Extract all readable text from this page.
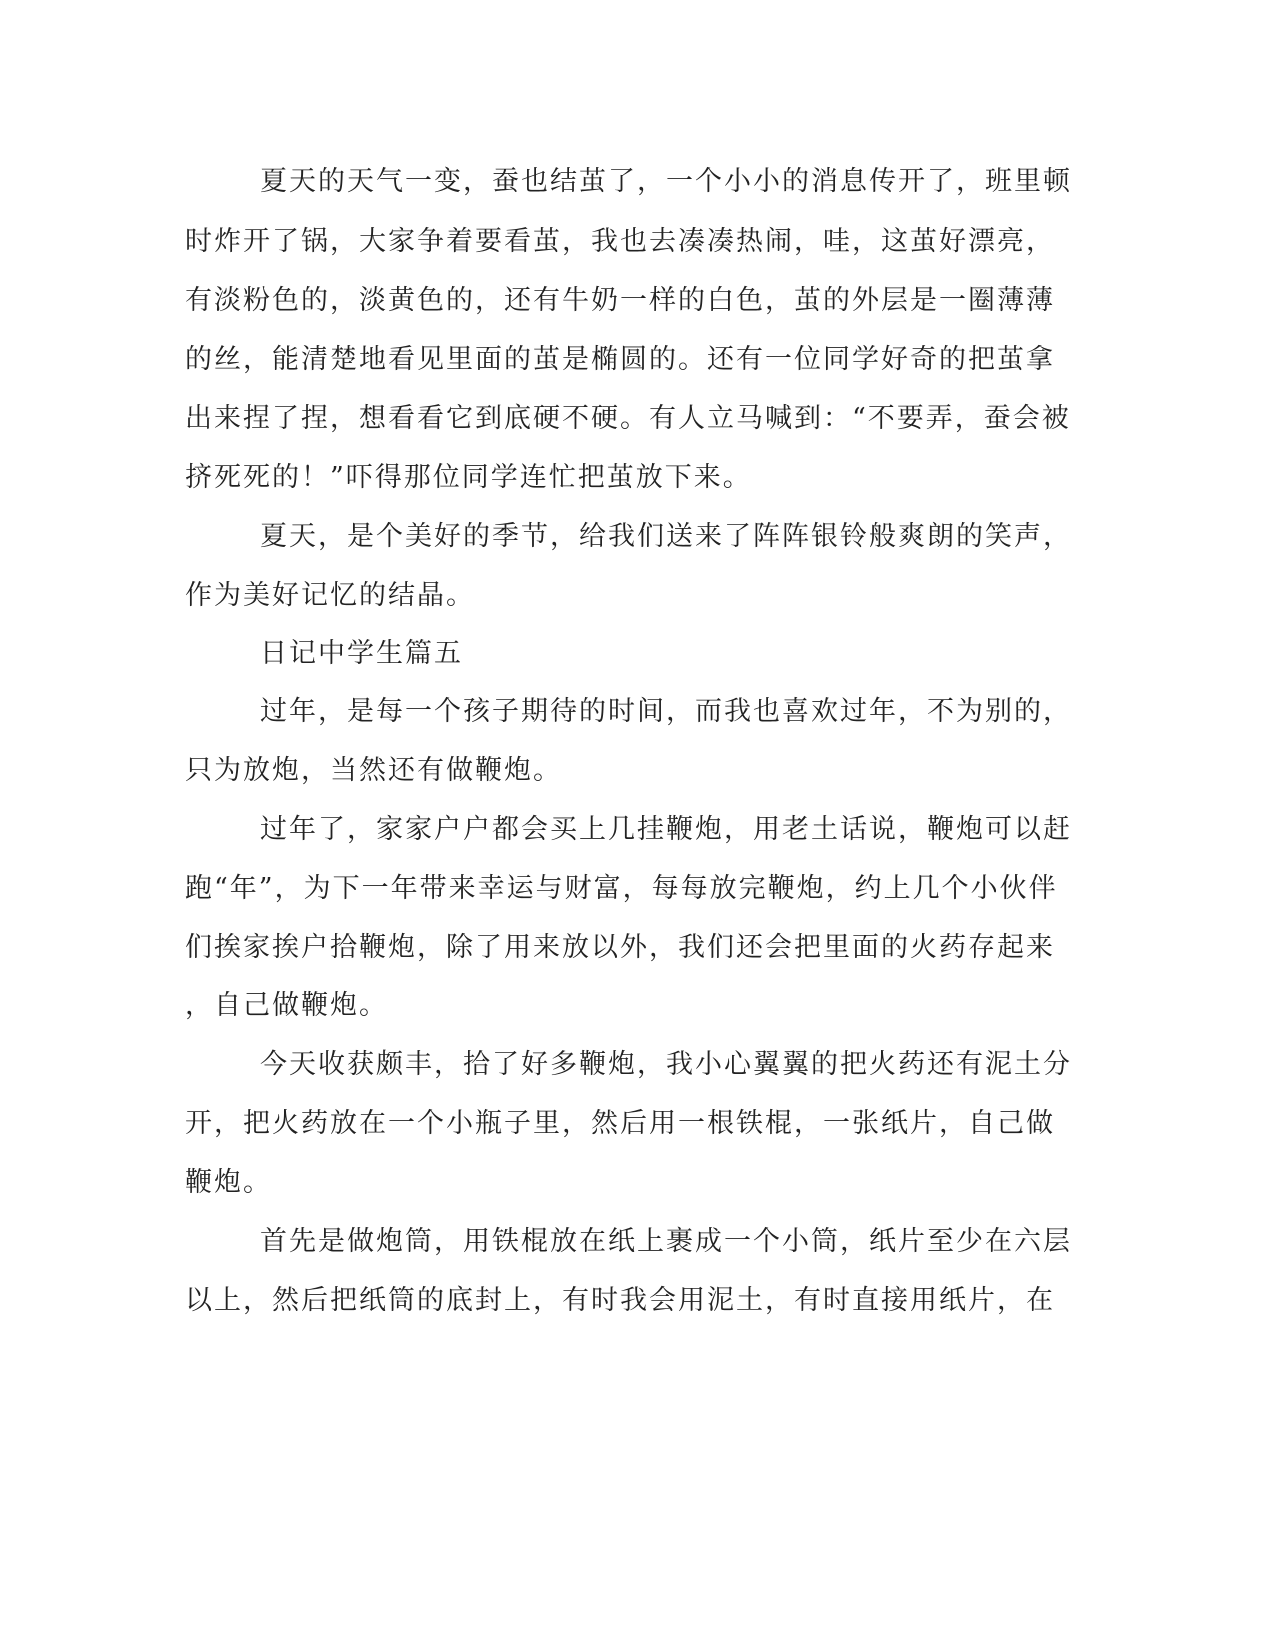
夏天的天气一变，蚕也结茧了，一个小小的消息传开了，班里顿
时炸开了锅，大家争着要看茧，我也去凑凑热闹，哇，这茧好漂亮，
有淡粉色的，淡黄色的，还有牛奶一样的白色，茧的外层是一圈薄薄
的丝，能清楚地看见里面的茧是椭圆的。还有一位同学好奇的把茧拿
出来捏了捏，想看看它到底硬不硬。有人立马喊到：“不要弄，蚕会被
挤死死的！”吓得那位同学连忙把茧放下来。
夏天，是个美好的季节，给我们送来了阵阵银铃般爽朗的笑声，
作为美好记忆的结晶。
日记中学生篇五
过年，是每一个孩子期待的时间，而我也喜欢过年，不为别的，
只为放炮，当然还有做鞭炮。
过年了，家家户户都会买上几挂鞭炮，用老土话说，鞭炮可以赶
跑“年”，为下一年带来幸运与财富，每每放完鞭炮，约上几个小伙伴
们挨家挨户拾鞭炮，除了用来放以外，我们还会把里面的火药存起来
，自己做鞭炮。
今天收获颇丰，拾了好多鞭炮，我小心翼翼的把火药还有泥土分
开，把火药放在一个小瓶子里，然后用一根铁棍，一张纸片，自己做
鞭炮。
首先是做炮筒，用铁棍放在纸上裹成一个小筒，纸片至少在六层
以上，然后把纸筒的底封上，有时我会用泥土，有时直接用纸片，在
